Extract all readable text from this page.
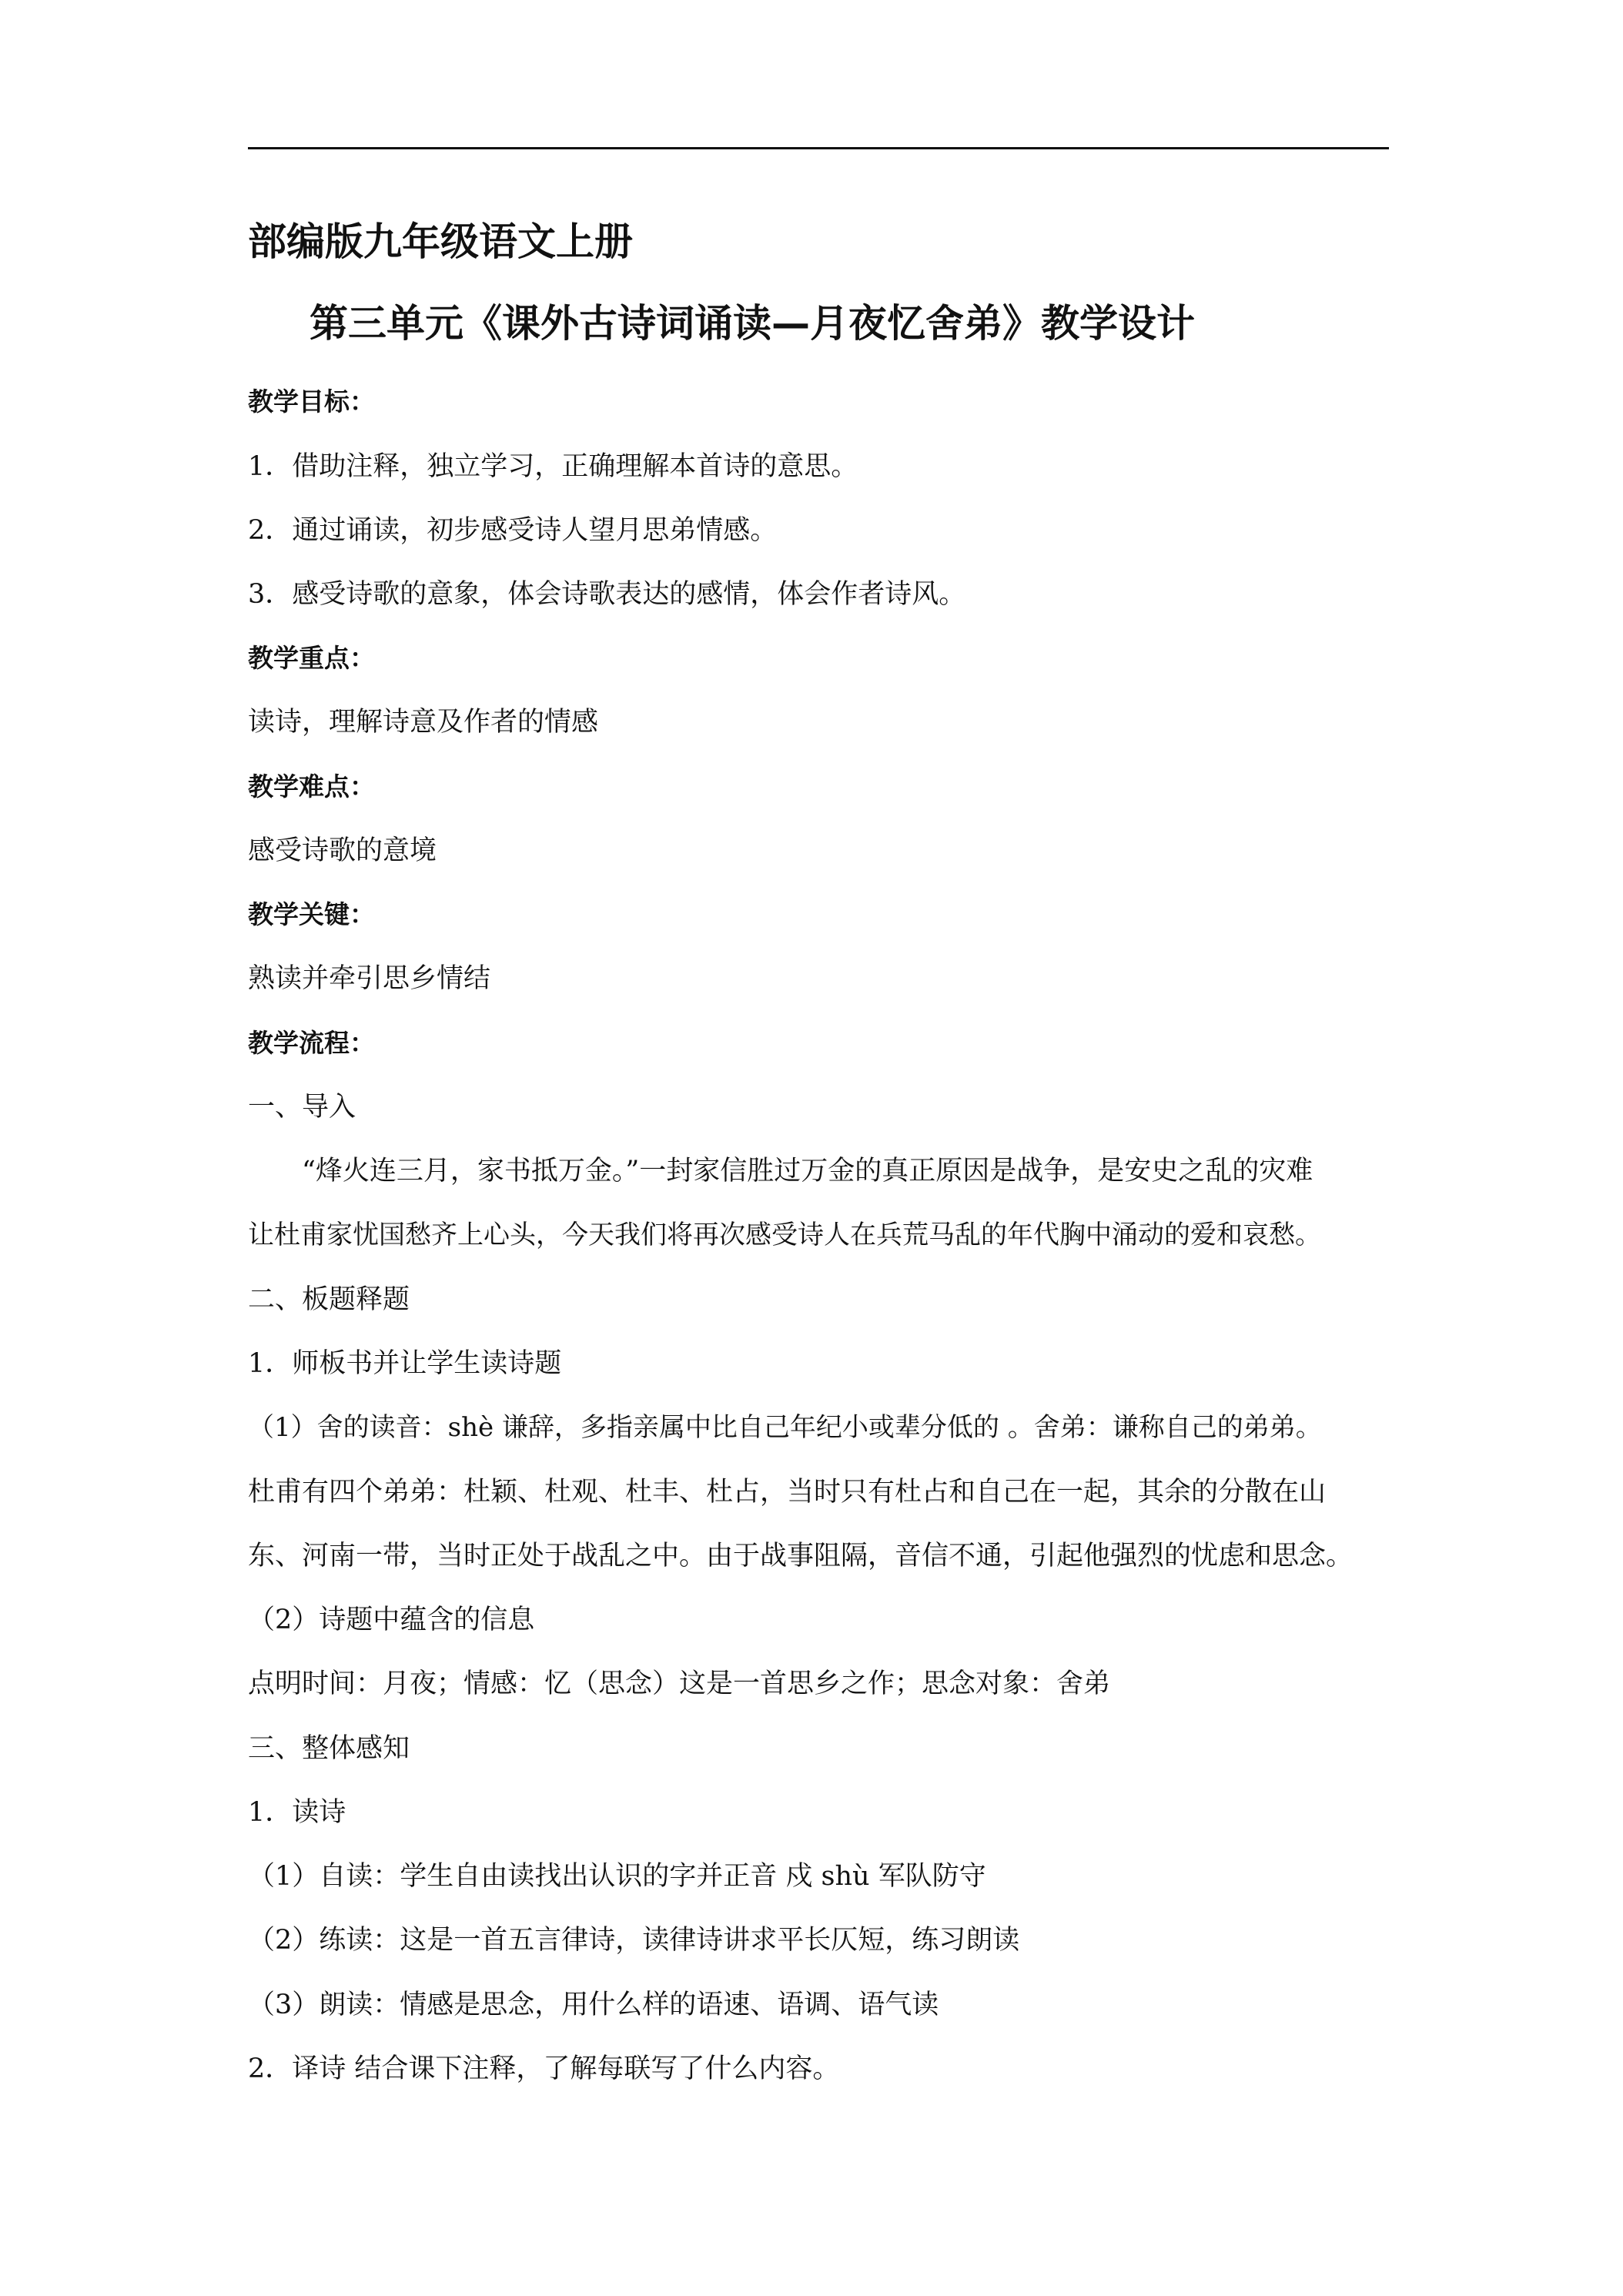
部编版九年级语文上册
第三单元《课外古诗词诵读—月夜忆舍弟》教学设计
教学目标：
1．借助注释，独立学习，正确理解本首诗的意思。
2．通过诵读，初步感受诗人望月思弟情感。
3．感受诗歌的意象，体会诗歌表达的感情，体会作者诗风。
教学重点：
读诗，理解诗意及作者的情感
教学难点：
感受诗歌的意境
教学关键：
熟读并牵引思乡情结
教学流程：
一、导入
“烽火连三月，家书抵万金。”一封家信胜过万金的真正原因是战争，是安史之乱的灾难
让杜甫家忧国愁齐上心头，今天我们将再次感受诗人在兵荒马乱的年代胸中涌动的爱和哀愁。
二、板题释题
1．师板书并让学生读诗题
（1）舍的读音：shè 谦辞，多指亲属中比自己年纪小或辈分低的 。舍弟：谦称自己的弟弟。
杜甫有四个弟弟：杜颖、杜观、杜丰、杜占，当时只有杜占和自己在一起，其余的分散在山
东、河南一带，当时正处于战乱之中。由于战事阻隔，音信不通，引起他强烈的忧虑和思念。
（2）诗题中蕴含的信息
点明时间：月夜；情感：忆（思念）这是一首思乡之作；思念对象：舍弟
三、整体感知
1．读诗
（1）自读：学生自由读找出认识的字并正音 戍 shù 军队防守
（2）练读：这是一首五言律诗，读律诗讲求平长仄短，练习朗读
（3）朗读：情感是思念，用什么样的语速、语调、语气读
2．译诗 结合课下注释，了解每联写了什么内容。
